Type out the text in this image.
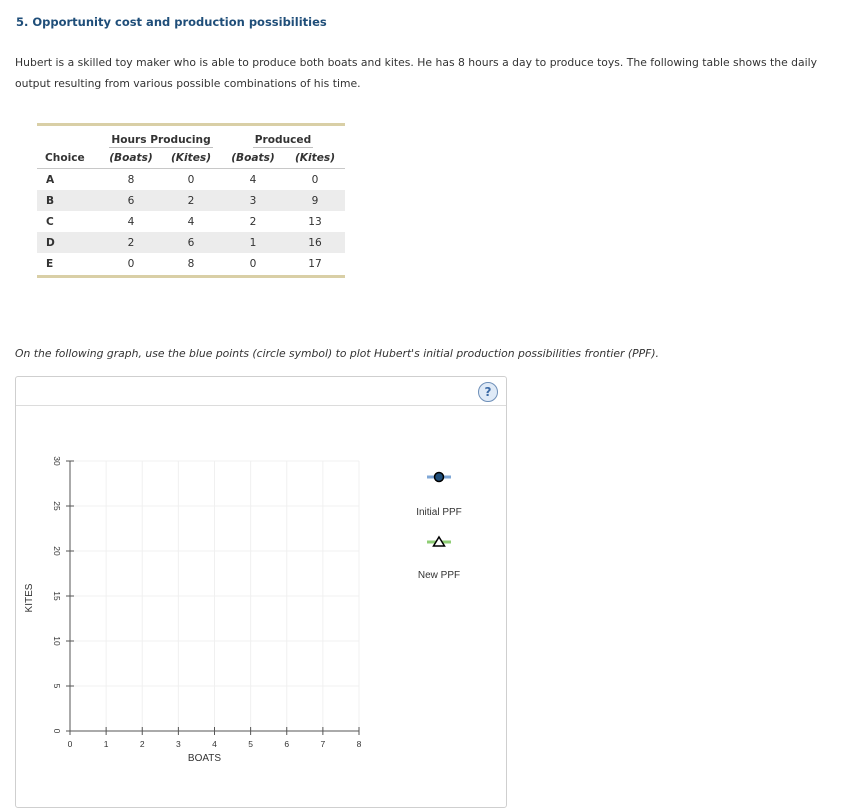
5. Opportunity cost and production possibilities
Hubert is a skilled toy maker who is able to produce both boats and kites. He has 8 hours a day to produce toys. The following table shows the daily output resulting from various possible combinations of his time.
	Hours Producing		Produced	
Choice	(Boats)	(Kites)	(Boats)	(Kites)
A	8	0	4	0
B	6	2	3	9
C	4	4	2	13
D	2	6	1	16
E	0	8	0	17
On the following graph, use the blue points (circle symbol) to plot Hubert's initial production possibilities frontier (PPF).
?
0	1	2	3	4	5	6	7	8
0
5
10
15
20
25
30
BOATS
KITES
Initial PPF
New PPF
